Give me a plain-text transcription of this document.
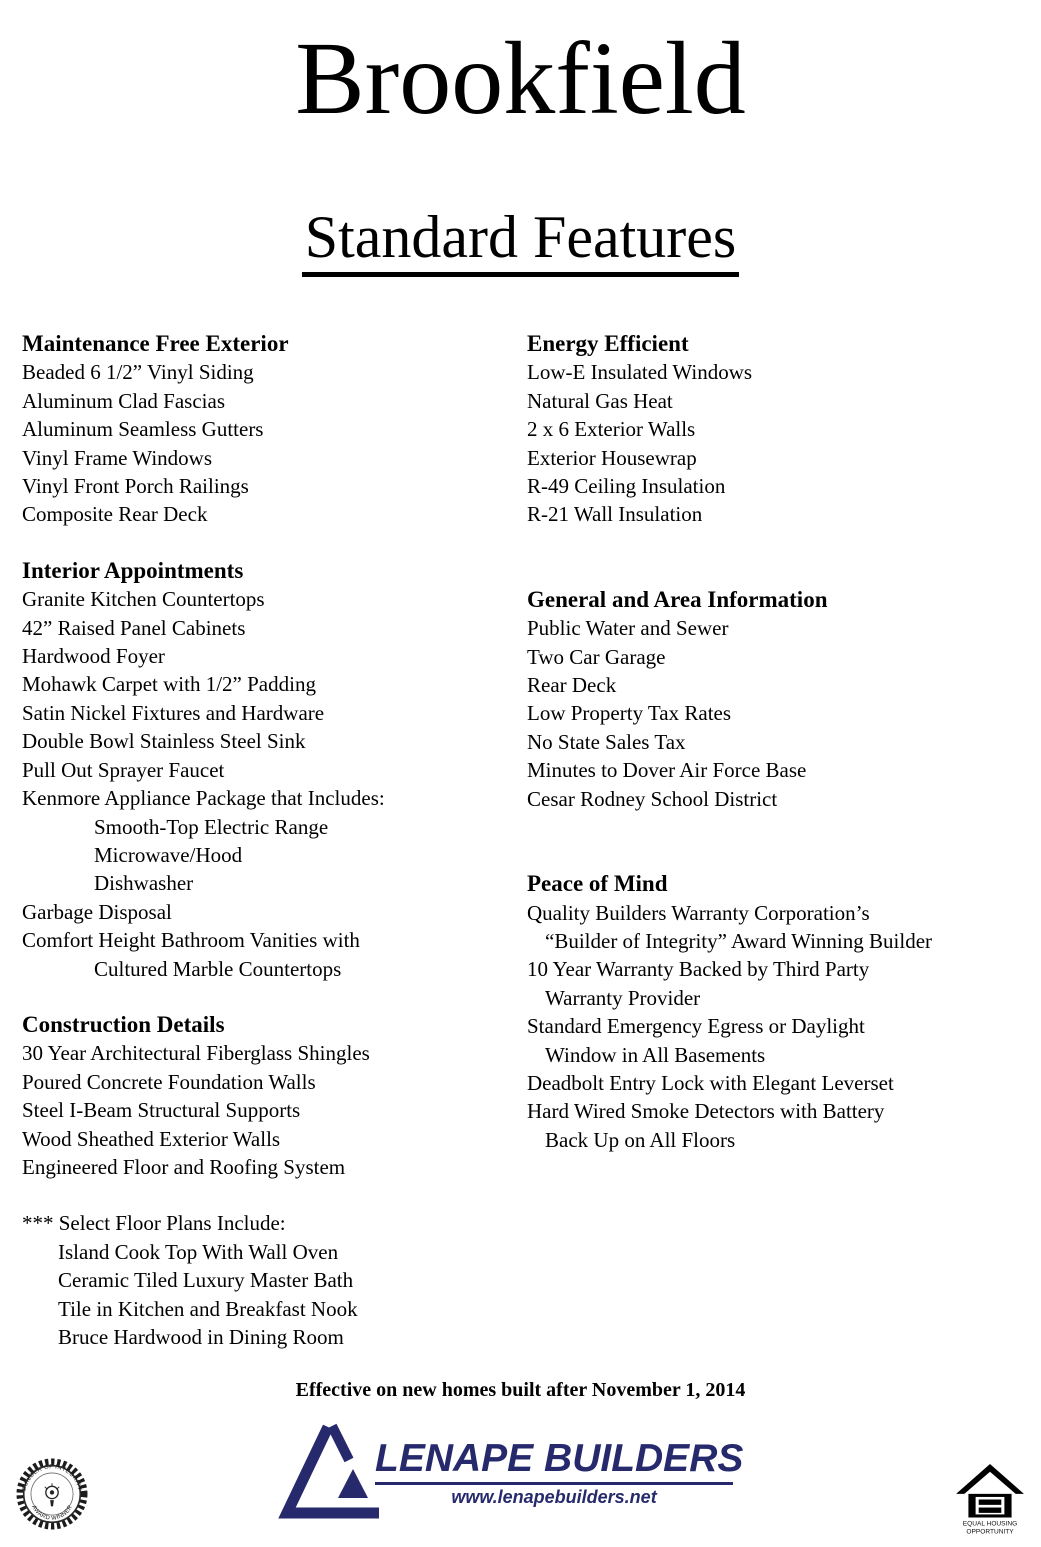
Brookfield
Standard Features
Maintenance Free Exterior
Beaded 6 1/2” Vinyl Siding
Aluminum Clad Fascias
Aluminum Seamless Gutters
Vinyl Frame Windows
Vinyl Front Porch Railings
Composite Rear Deck
Interior Appointments
Granite Kitchen Countertops
42” Raised Panel Cabinets
Hardwood Foyer
Mohawk Carpet with 1/2” Padding
Satin Nickel Fixtures and Hardware
Double Bowl Stainless Steel Sink
Pull Out Sprayer Faucet
Kenmore Appliance Package that Includes:
Smooth-Top Electric Range
Microwave/Hood
Dishwasher
Garbage Disposal
Comfort Height Bathroom Vanities with
Cultured Marble Countertops
Construction Details
30 Year Architectural Fiberglass Shingles
Poured Concrete Foundation Walls
Steel I-Beam Structural Supports
Wood Sheathed Exterior Walls
Engineered Floor and Roofing System
*** Select Floor Plans Include:
Island Cook Top With Wall Oven
Ceramic Tiled Luxury Master Bath
Tile in Kitchen and Breakfast Nook
Bruce Hardwood in Dining Room
Energy Efficient
Low-E Insulated Windows
Natural Gas Heat
2 x 6 Exterior Walls
Exterior Housewrap
R-49 Ceiling Insulation
R-21 Wall Insulation
General and Area Information
Public Water and Sewer
Two Car Garage
Rear Deck
Low Property Tax Rates
No State Sales Tax
Minutes to Dover Air Force Base
Cesar Rodney School District
Peace of Mind
Quality Builders Warranty Corporation’s
“Builder of Integrity” Award Winning Builder
10 Year Warranty Backed by Third Party
Warranty Provider
Standard Emergency Egress or Daylight
Window in All Basements
Deadbolt Entry Lock with Elegant Leverset
Hard Wired Smoke Detectors with Battery
Back Up on All Floors
Effective on new homes built after November 1, 2014
BUILDER OF INTEGRITY
AWARD WINNER
LENAPE BUILDERS
www.lenapebuilders.net
EQUAL HOUSING
OPPORTUNITY
